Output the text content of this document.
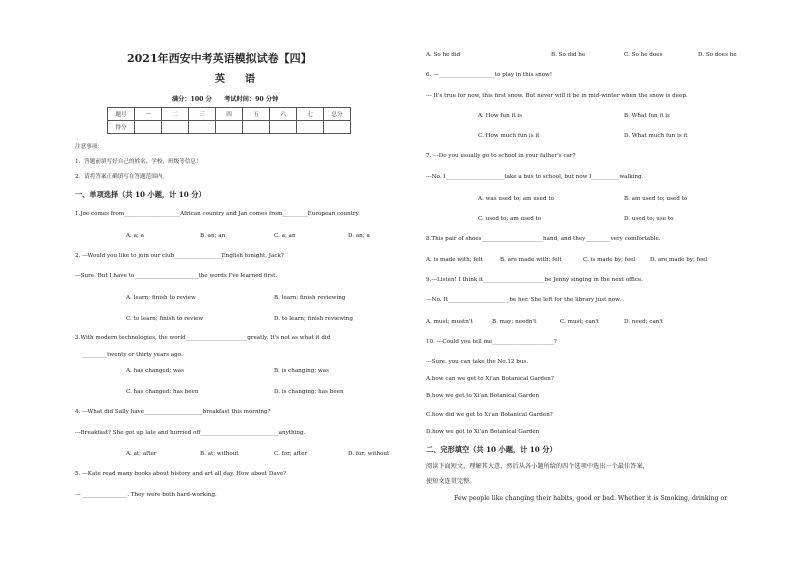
2021年西安中考英语模拟试卷【四】
英　　语
满分：100 分　　考试时间：90 分钟
题号	一	二	三	四	五	六	七	总分
得分								
注意事项：
1．答题前填写好自己的姓名、学校、班级等信息！
2．请将答案正确填写在答题范围内。
一、单项选择（共 10 小题，计 10 分）
1.Joe comes from____________________African country and Jan comes from_________European country.
A. a; a	B. an; an	C. a; an	D. an; a
2. ---Would you like to join our club_________________English tonight, Jack?
---Sure. But I have to_______________________the words I've learned first.
A. learn; finish to review	B. learn; finish reviewing
C. to learn; finish to review	D. to learn; finish reviewing
3.With modern technologies, the world______________________greatly. It's not as what it did
_________twenty or thirty years ago.
A. has changed; was	B. is changing; was
C. has changed; has been	D. is changing; has been
4. ---What did Sally have_____________________breakfast this morning?
---Breakfast? She got up late and hurried off____________________________anything.
A. at; after	B. at; without	C. for; after	D. for; without
5. ---Kate read many books about history and art all day. How about Dave?
--- ________________. They were both hard-working.
A. So he did	B. So did he	C. So he does	D. So does he
6. ---____________________to play in this snow!
--- It's true for now, this first snow. But never will it be in mid-winter when the snow is deep.
A. How fun it is	B. What fun it is
C. How much fun is it	D. What much fun is it
7. ---Do you usually go to school in your father's car?
---No. I_____________________take a bus to school, but now I__________walking.
A. was used to; am used to	B. am used to; used to
C. used to; am used to	D. used to; use to
8.This pair of shoes______________________hand, and they_________very comfortable.
A. is made with; felt	B. are made with; felt	C. is made by; feel	D. are made by; feel
9.---Listen! I think it______________________be Jenny singing in the next office.
---No. It______________________be her. She left for the library just now.
A. must; mustn't	B. may; needn't	C. must; can't	D. need; can't
10. ---Could you tell me______________________?
---Sure. you can take the No.12 bus.
A.how can we get to Xi'an Botanical Garden?
B.how we get to Xi'an Botanical Garden
C.how did we get to Xi'an Botanical Garden?
D.how we got to Xi'an Botanical Garden
二、完形填空（共 10 小题，计 10 分）
阅读下面短文，理解其大意，然后从各小题所给的四个选项中选出一个最佳答案，
使短文连贯完整。
Few people like changing their habits, good or bad. Whether it is Smoking, drinking or
